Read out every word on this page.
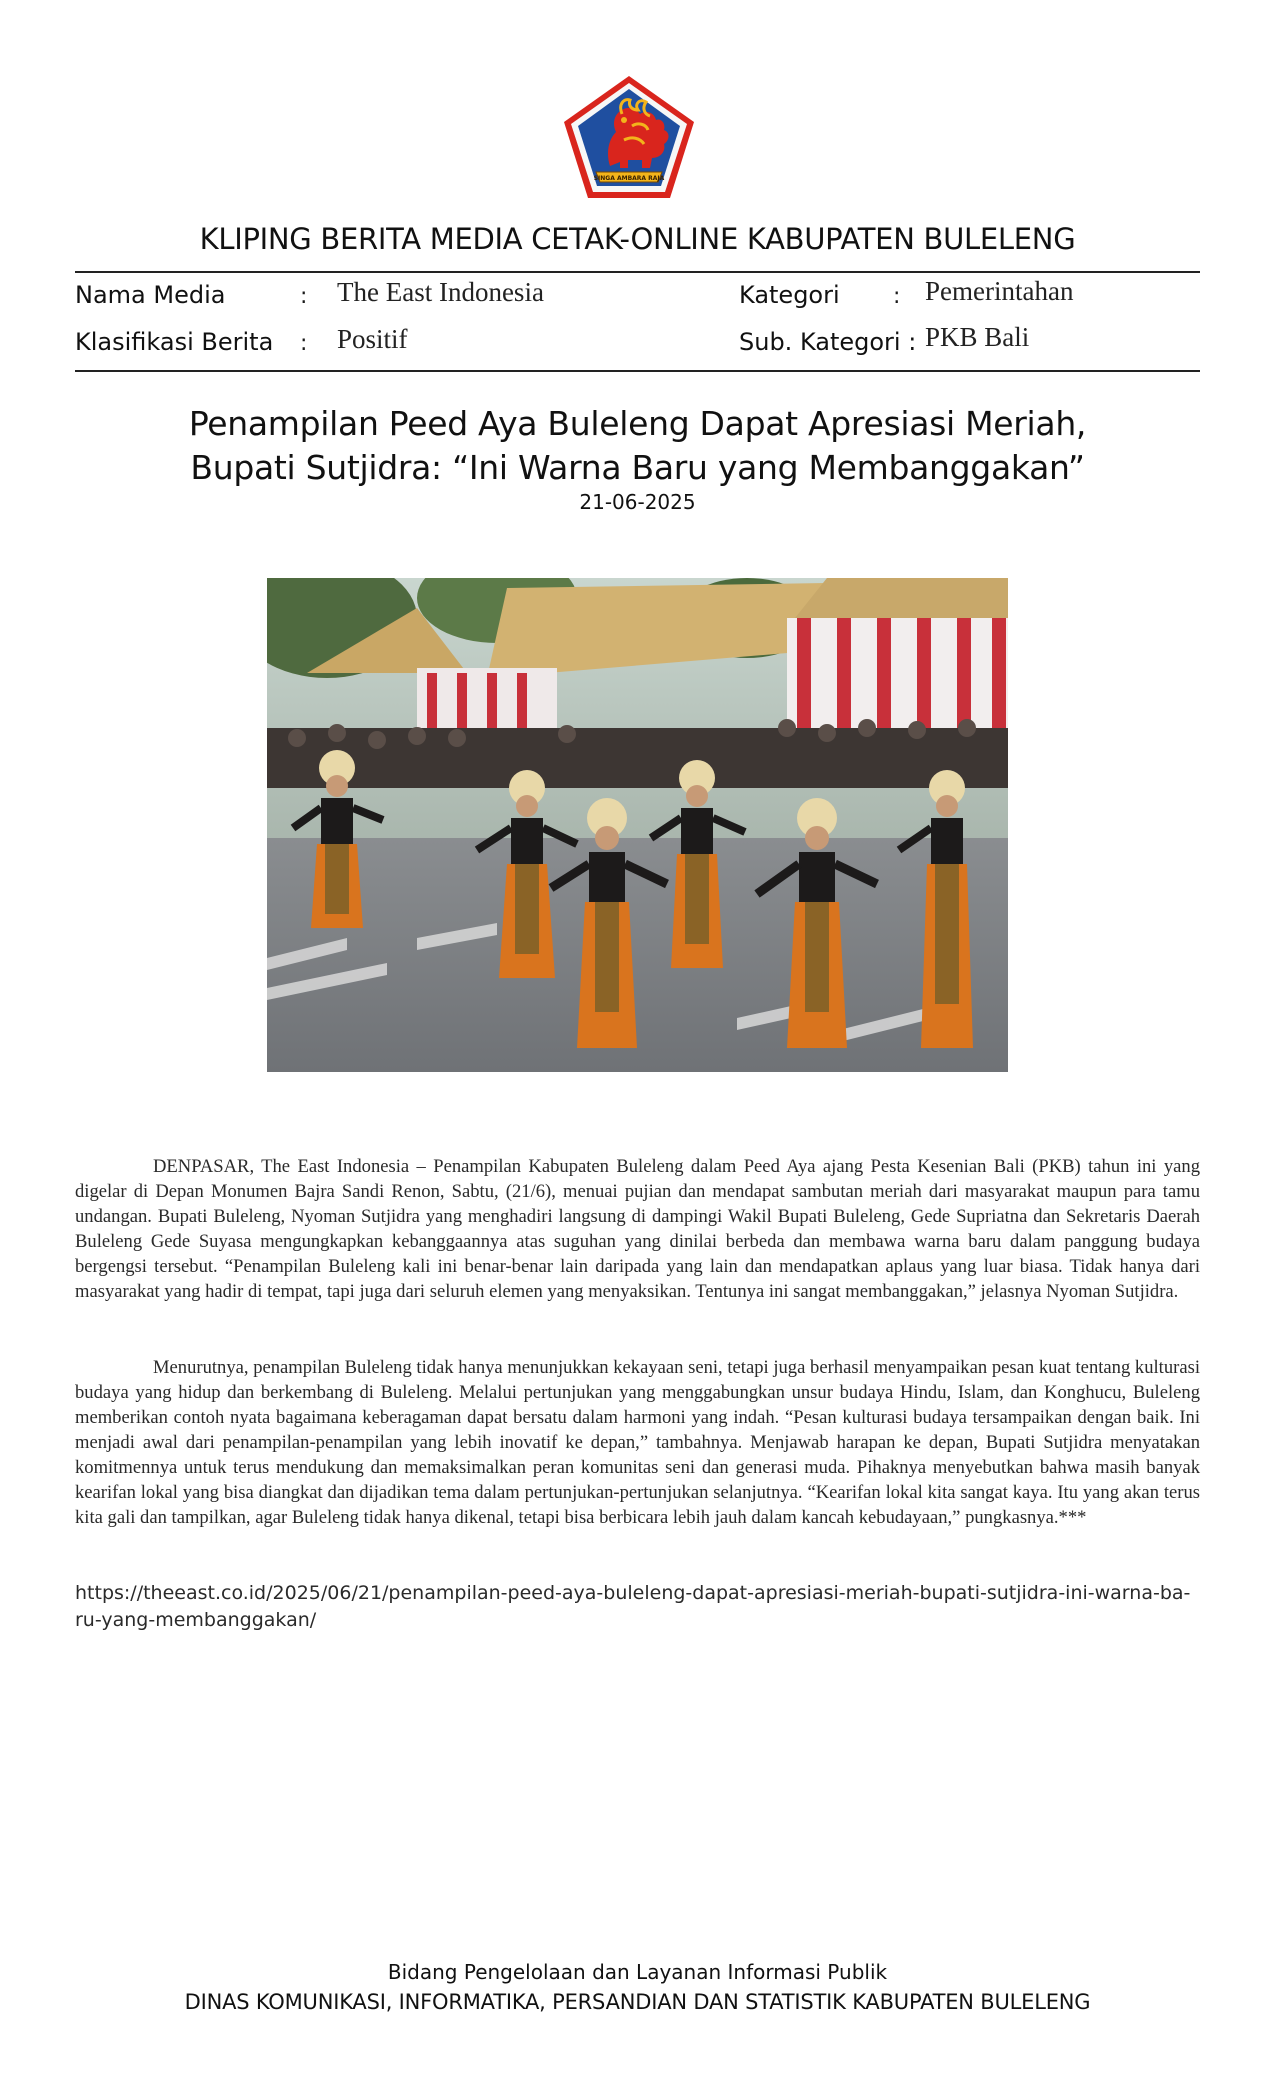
SINGA AMBARA RAJA
KLIPING BERITA MEDIA CETAK-ONLINE KABUPATEN BULELENG
Nama Media	: The East Indonesia	Kategori : Pemerintahan
Klasifikasi Berita : Positif	Sub. Kategori : PKB Bali
Penampilan Peed Aya Buleleng Dapat Apresiasi Meriah,
Bupati Sutjidra: “Ini Warna Baru yang Membanggakan”
21-06-2025

DENPASAR, The East Indonesia – Penampilan Kabupaten Buleleng dalam Peed Aya ajang Pesta Kesenian Bali (PKB) tahun ini yang digelar di Depan Monumen Bajra Sandi Renon, Sabtu, (21/6), menuai pujian dan mendapat sambutan meriah dari masyarakat maupun para tamu undangan. Bupati Buleleng, Nyoman Sutjidra yang menghadiri langsung di dampingi Wakil Bupati Buleleng, Gede Supriatna dan Sekretaris Daerah Buleleng Gede Suyasa mengungkapkan kebanggaannya atas suguhan yang dinilai berbeda dan membawa warna baru dalam panggung budaya bergengsi tersebut. “Penampilan Buleleng kali ini benar-benar lain daripada yang lain dan mendapatkan aplaus yang luar biasa. Tidak hanya dari masyarakat yang hadir di tempat, tapi juga dari seluruh elemen yang menyaksikan. Tentunya ini sangat membanggakan,” jelasnya Nyoman Sutjidra.

Menurutnya, penampilan Buleleng tidak hanya menunjukkan kekayaan seni, tetapi juga berhasil menyampaikan pesan kuat tentang kulturasi budaya yang hidup dan berkembang di Buleleng. Melalui pertunjukan yang menggabungkan unsur budaya Hindu, Islam, dan Konghucu, Buleleng memberikan contoh nyata bagaimana keberagaman dapat bersatu dalam harmoni yang indah. “Pesan kulturasi budaya tersampaikan dengan baik. Ini menjadi awal dari penampilan-penampilan yang lebih inovatif ke depan,” tambahnya. Menjawab harapan ke depan, Bupati Sutjidra menyatakan komitmennya untuk terus mendukung dan memaksimalkan peran komunitas seni dan generasi muda. Pihaknya menyebutkan bahwa masih banyak kearifan lokal yang bisa diangkat dan dijadikan tema dalam pertunjukan-pertunjukan selanjutnya. “Kearifan lokal kita sangat kaya. Itu yang akan terus kita gali dan tampilkan, agar Buleleng tidak hanya dikenal, tetapi bisa berbicara lebih jauh dalam kancah kebudayaan,” pungkasnya.***

https://theeast.co.id/2025/06/21/penampilan-peed-aya-buleleng-dapat-apresiasi-meriah-bupati-sutjidra-ini-warna-ba-
ru-yang-membanggakan/
Bidang Pengelolaan dan Layanan Informasi Publik
DINAS KOMUNIKASI, INFORMATIKA, PERSANDIAN DAN STATISTIK KABUPATEN BULELENG
